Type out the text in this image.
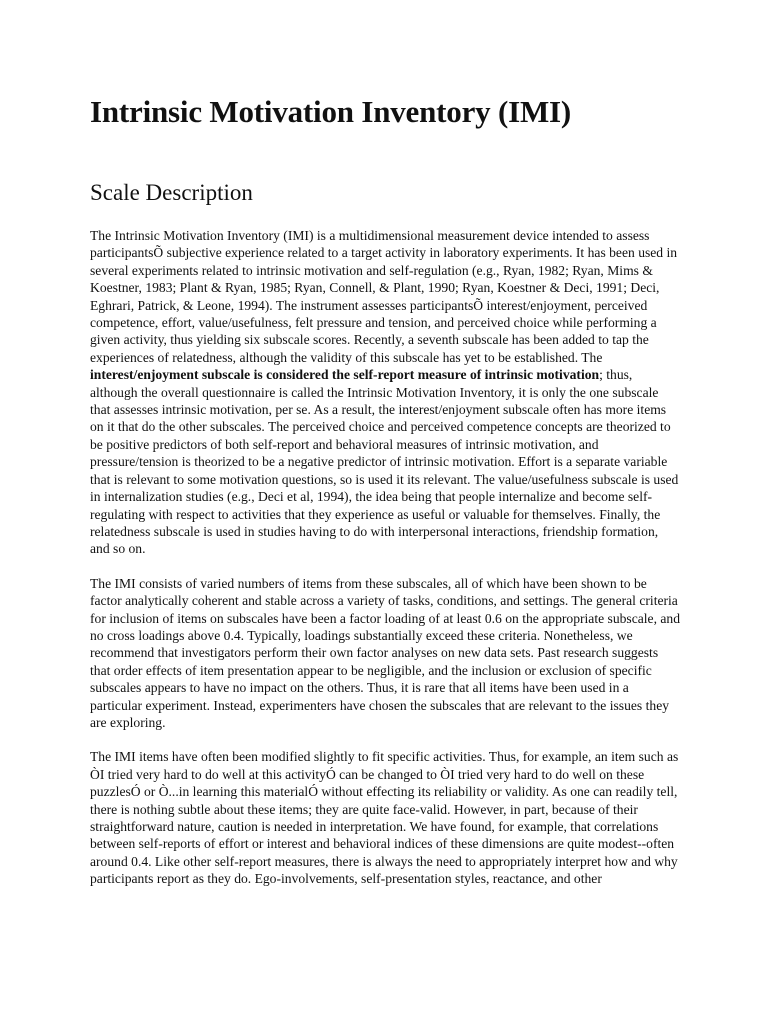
Intrinsic Motivation Inventory (IMI)
Scale Description

The Intrinsic Motivation Inventory (IMI) is a multidimensional measurement device intended to assess participantsÕ subjective experience related to a target activity in laboratory experiments. It has been used in several experiments related to intrinsic motivation and self-regulation (e.g., Ryan, 1982; Ryan, Mims & Koestner, 1983; Plant & Ryan, 1985; Ryan, Connell, & Plant, 1990; Ryan, Koestner & Deci, 1991; Deci, Eghrari, Patrick, & Leone, 1994). The instrument assesses participantsÕ interest/enjoyment, perceived competence, effort, value/usefulness, felt pressure and tension, and perceived choice while performing a given activity, thus yielding six subscale scores. Recently, a seventh subscale has been added to tap the experiences of relatedness, although the validity of this subscale has yet to be established. The interest/enjoyment subscale is considered the self-report measure of intrinsic motivation; thus, although the overall questionnaire is called the Intrinsic Motivation Inventory, it is only the one subscale that assesses intrinsic motivation, per se. As a result, the interest/enjoyment subscale often has more items on it that do the other subscales. The perceived choice and perceived competence concepts are theorized to be positive predictors of both self-report and behavioral measures of intrinsic motivation, and pressure/tension is theorized to be a negative predictor of intrinsic motivation. Effort is a separate variable that is relevant to some motivation questions, so is used it its relevant. The value/usefulness subscale is used in internalization studies (e.g., Deci et al, 1994), the idea being that people internalize and become self-regulating with respect to activities that they experience as useful or valuable for themselves. Finally, the relatedness subscale is used in studies having to do with interpersonal interactions, friendship formation, and so on.

The IMI consists of varied numbers of items from these subscales, all of which have been shown to be factor analytically coherent and stable across a variety of tasks, conditions, and settings. The general criteria for inclusion of items on subscales have been a factor loading of at least 0.6 on the appropriate subscale, and no cross loadings above 0.4. Typically, loadings substantially exceed these criteria. Nonetheless, we recommend that investigators perform their own factor analyses on new data sets. Past research suggests that order effects of item presentation appear to be negligible, and the inclusion or exclusion of specific subscales appears to have no impact on the others. Thus, it is rare that all items have been used in a particular experiment. Instead, experimenters have chosen the subscales that are relevant to the issues they are exploring.

The IMI items have often been modified slightly to fit specific activities. Thus, for example, an item such as ÒI tried very hard to do well at this activityÓ can be changed to ÒI tried very hard to do well on these puzzlesÓ or Ò...in learning this materialÓ without effecting its reliability or validity. As one can readily tell, there is nothing subtle about these items; they are quite face-valid. However, in part, because of their straightforward nature, caution is needed in interpretation. We have found, for example, that correlations between self-reports of effort or interest and behavioral indices of these dimensions are quite modest--often around 0.4. Like other self-report measures, there is always the need to appropriately interpret how and why participants report as they do. Ego-involvements, self-presentation styles, reactance, and other
